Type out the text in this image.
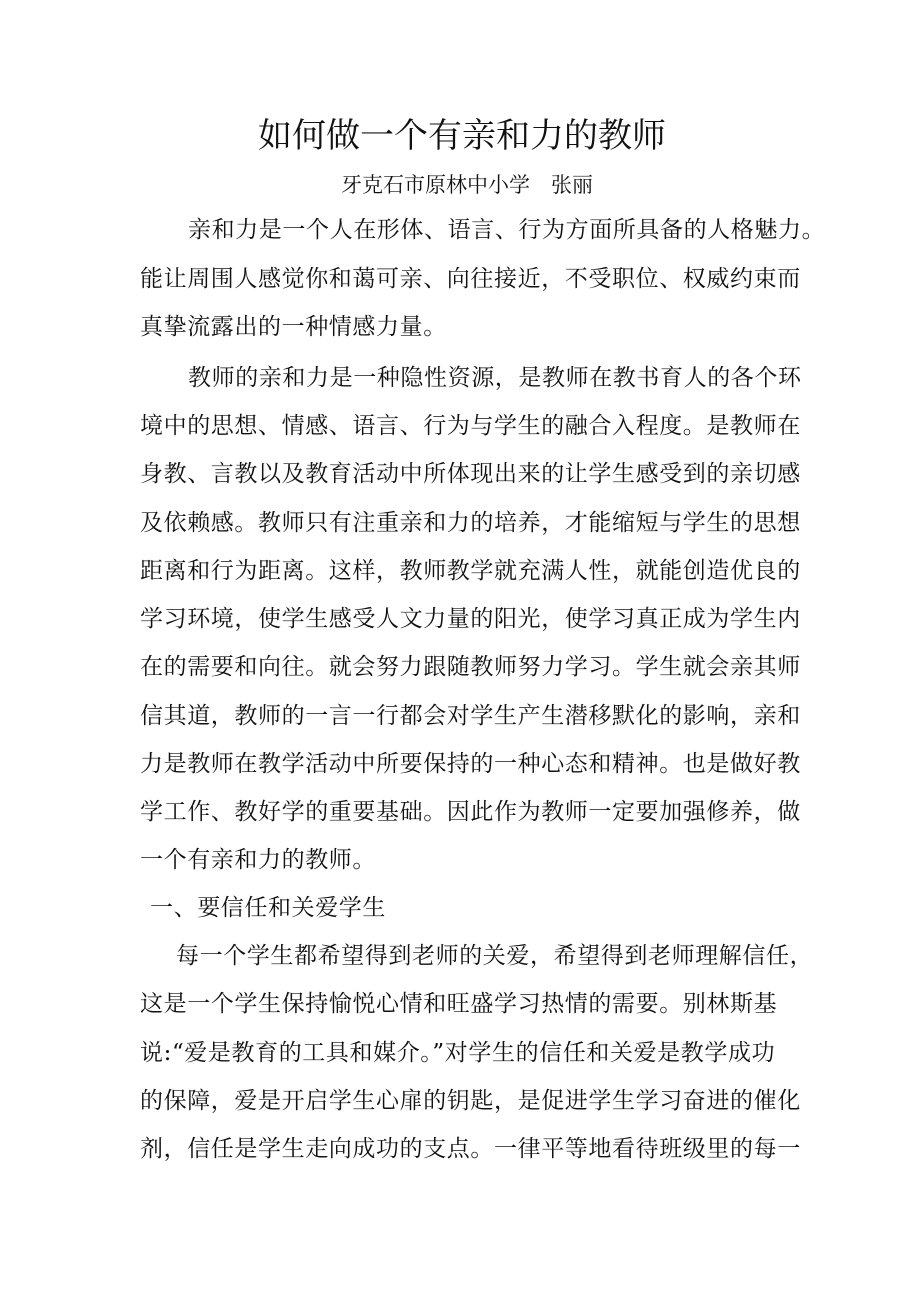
如何做一个有亲和力的教师
牙克石市原林中小学　张丽
亲和力是一个人在形体、语言、行为方面所具备的人格魅力。
能让周围人感觉你和蔼可亲、向往接近，不受职位、权威约束而
真挚流露出的一种情感力量。
教师的亲和力是一种隐性资源，是教师在教书育人的各个环
境中的思想、情感、语言、行为与学生的融合入程度。是教师在
身教、言教以及教育活动中所体现出来的让学生感受到的亲切感
及依赖感。教师只有注重亲和力的培养，才能缩短与学生的思想
距离和行为距离。这样，教师教学就充满人性，就能创造优良的
学习环境，使学生感受人文力量的阳光，使学习真正成为学生内
在的需要和向往。就会努力跟随教师努力学习。学生就会亲其师
信其道，教师的一言一行都会对学生产生潜移默化的影响，亲和
力是教师在教学活动中所要保持的一种心态和精神。也是做好教
学工作、教好学的重要基础。因此作为教师一定要加强修养，做
一个有亲和力的教师。
一、要信任和关爱学生
每一个学生都希望得到老师的关爱，希望得到老师理解信任，
这是一个学生保持愉悦心情和旺盛学习热情的需要。别林斯基
说:“爱是教育的工具和媒介。”对学生的信任和关爱是教学成功
的保障，爱是开启学生心扉的钥匙，是促进学生学习奋进的催化
剂，信任是学生走向成功的支点。一律平等地看待班级里的每一
